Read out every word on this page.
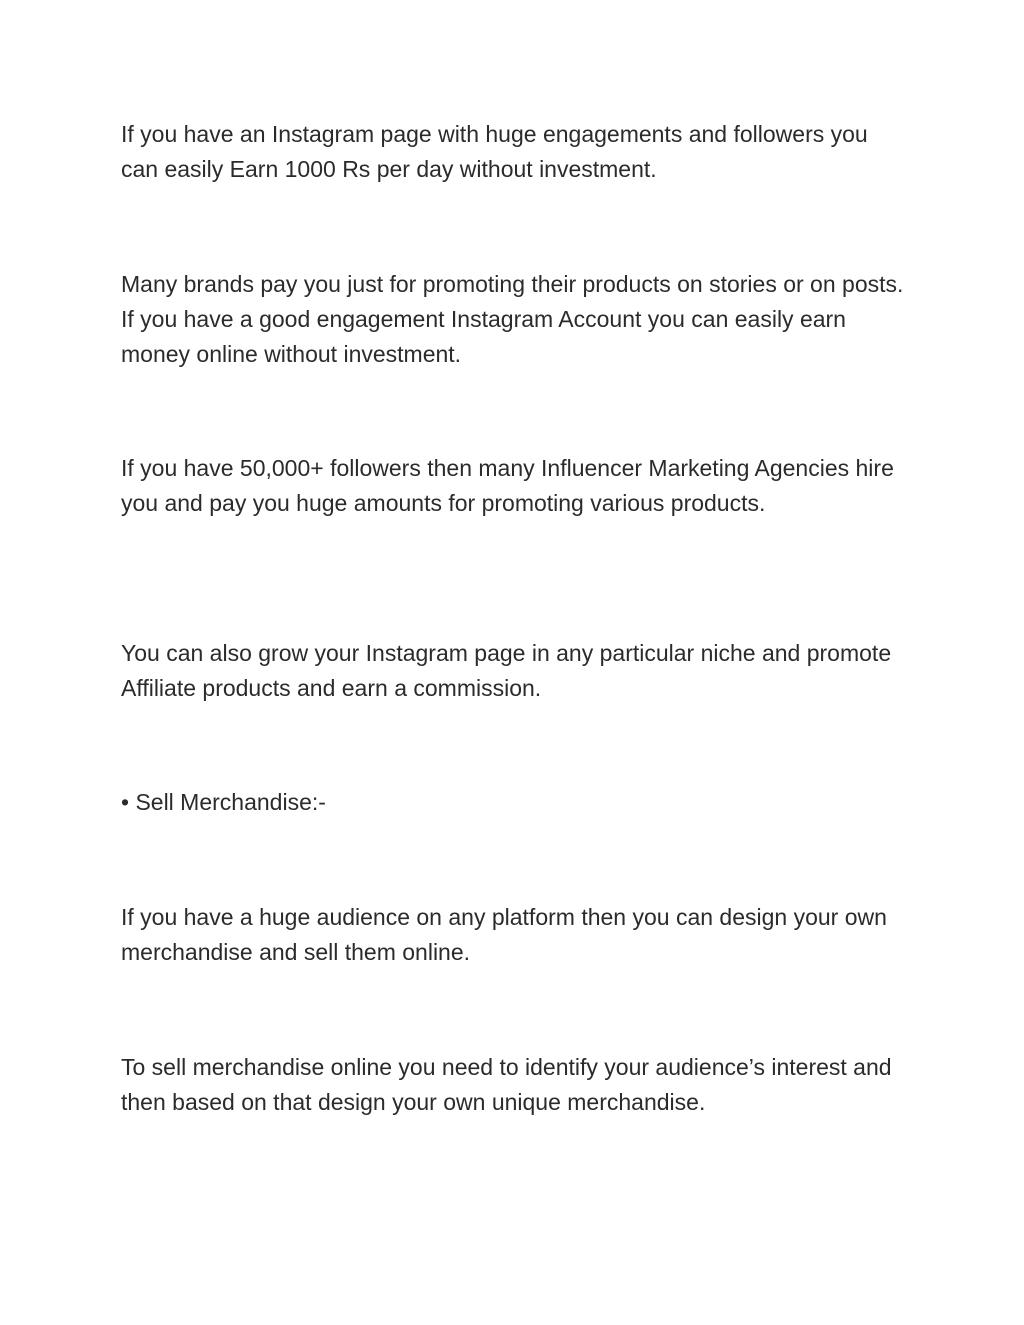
If you have an Instagram page with huge engagements and followers you can easily Earn 1000 Rs per day without investment.

Many brands pay you just for promoting their products on stories or on posts. If you have a good engagement Instagram Account you can easily earn money online without investment.

If you have 50,000+ followers then many Influencer Marketing Agencies hire you and pay you huge amounts for promoting various products.

You can also grow your Instagram page in any particular niche and promote Affiliate products and earn a commission.

• Sell Merchandise:-

If you have a huge audience on any platform then you can design your own merchandise and sell them online.

To sell merchandise online you need to identify your audience’s interest and then based on that design your own unique merchandise.
